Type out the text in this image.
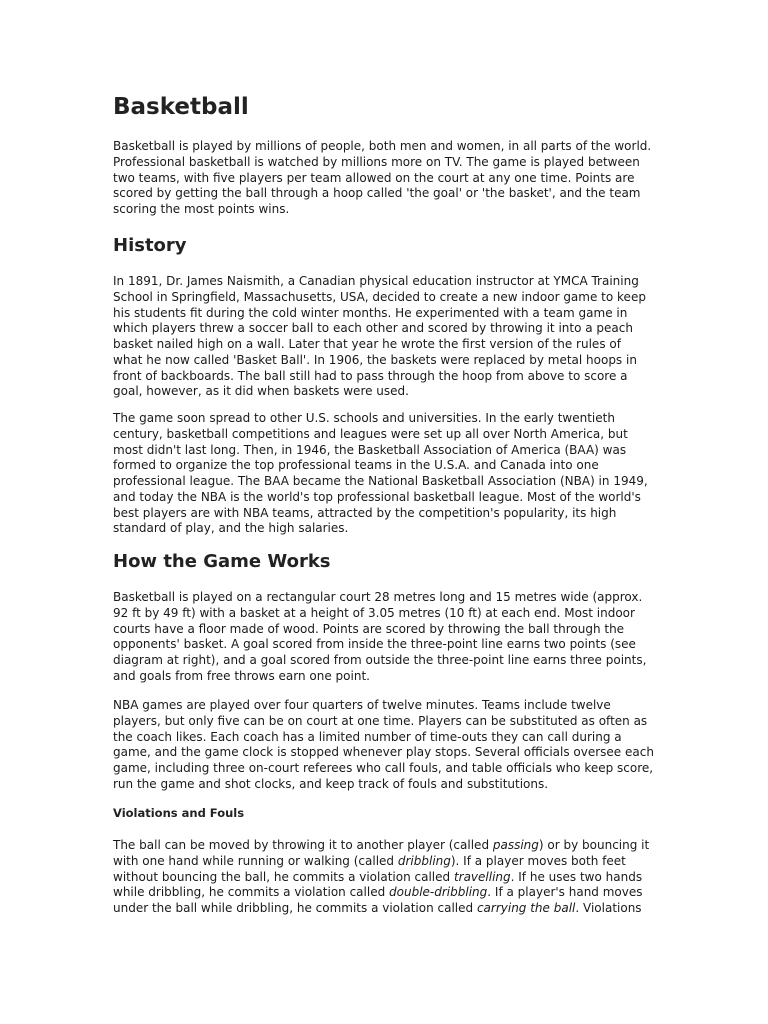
Basketball

Basketball is played by millions of people, both men and women, in all parts of the world.
Professional basketball is watched by millions more on TV. The game is played between
two teams, with five players per team allowed on the court at any one time. Points are
scored by getting the ball through a hoop called 'the goal' or 'the basket', and the team
scoring the most points wins.

History

In 1891, Dr. James Naismith, a Canadian physical education instructor at YMCA Training
School in Springfield, Massachusetts, USA, decided to create a new indoor game to keep
his students fit during the cold winter months. He experimented with a team game in
which players threw a soccer ball to each other and scored by throwing it into a peach
basket nailed high on a wall. Later that year he wrote the first version of the rules of
what he now called 'Basket Ball'. In 1906, the baskets were replaced by metal hoops in
front of backboards. The ball still had to pass through the hoop from above to score a
goal, however, as it did when baskets were used.

The game soon spread to other U.S. schools and universities. In the early twentieth
century, basketball competitions and leagues were set up all over North America, but
most didn't last long. Then, in 1946, the Basketball Association of America (BAA) was
formed to organize the top professional teams in the U.S.A. and Canada into one
professional league. The BAA became the National Basketball Association (NBA) in 1949,
and today the NBA is the world's top professional basketball league. Most of the world's
best players are with NBA teams, attracted by the competition's popularity, its high
standard of play, and the high salaries.

How the Game Works

Basketball is played on a rectangular court 28 metres long and 15 metres wide (approx.
92 ft by 49 ft) with a basket at a height of 3.05 metres (10 ft) at each end. Most indoor
courts have a floor made of wood. Points are scored by throwing the ball through the
opponents' basket. A goal scored from inside the three-point line earns two points (see
diagram at right), and a goal scored from outside the three-point line earns three points,
and goals from free throws earn one point.

NBA games are played over four quarters of twelve minutes. Teams include twelve
players, but only five can be on court at one time. Players can be substituted as often as
the coach likes. Each coach has a limited number of time-outs they can call during a
game, and the game clock is stopped whenever play stops. Several officials oversee each
game, including three on-court referees who call fouls, and table officials who keep score,
run the game and shot clocks, and keep track of fouls and substitutions.

Violations and Fouls

The ball can be moved by throwing it to another player (called passing) or by bouncing it
with one hand while running or walking (called dribbling). If a player moves both feet
without bouncing the ball, he commits a violation called travelling. If he uses two hands
while dribbling, he commits a violation called double-dribbling. If a player's hand moves
under the ball while dribbling, he commits a violation called carrying the ball. Violations
